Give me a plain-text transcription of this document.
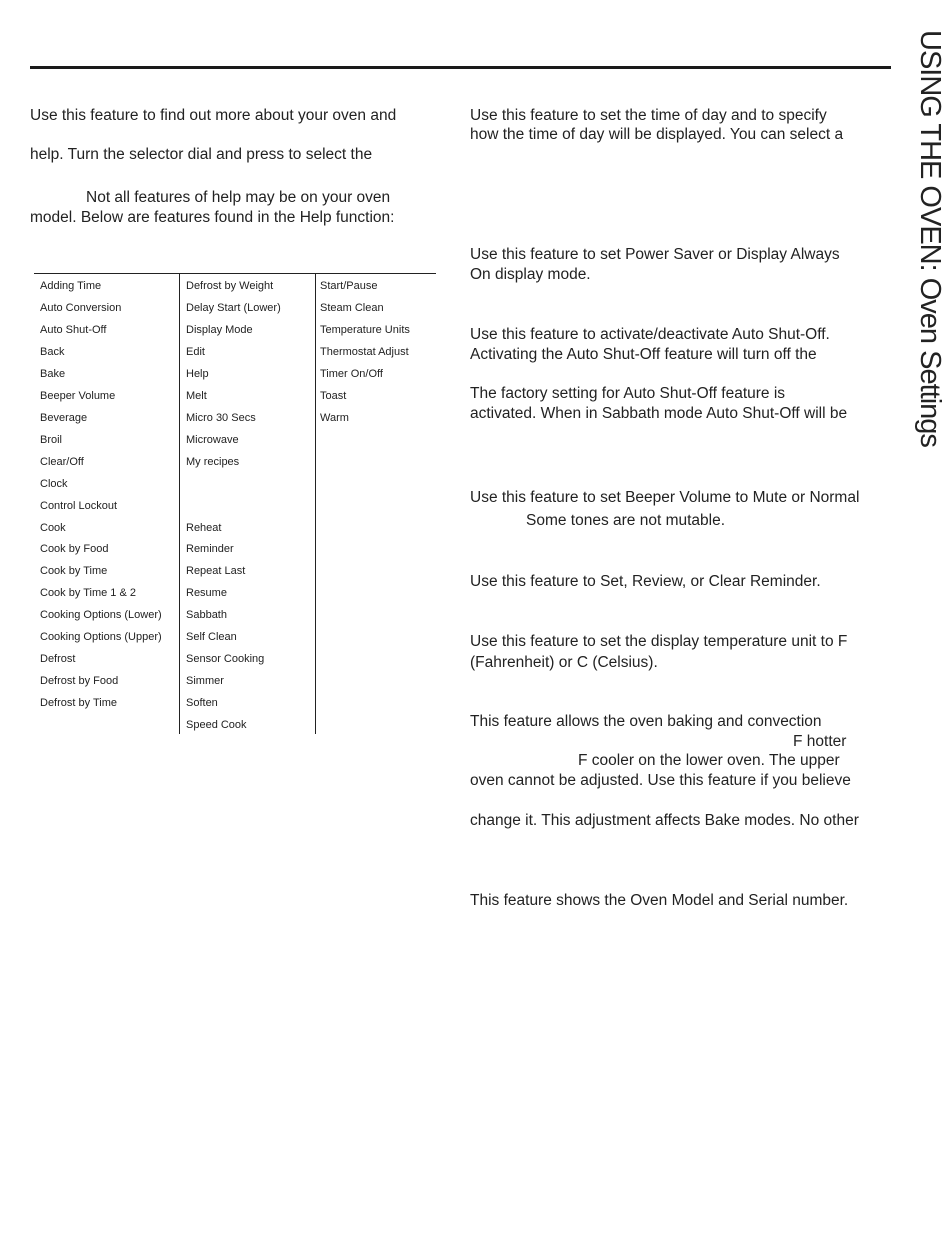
USING THE OVEN: Oven Settings
Use this feature to find out more about your oven and
help. Turn the selector dial and press to select the
Not all features of help may be on your oven
model. Below are features found in the Help function:
Adding Time
Auto Conversion
Auto Shut-Off
Back
Bake
Beeper Volume
Beverage
Broil
Clear/Off
Clock
Control Lockout
Cook
Cook by Food
Cook by Time
Cook by Time 1 & 2
Cooking Options (Lower)
Cooking Options (Upper)
Defrost
Defrost by Food
Defrost by Time
Defrost by Weight
Delay Start (Lower)
Display Mode
Edit
Help
Melt
Micro 30 Secs
Microwave
My recipes
Reheat
Reminder
Repeat Last
Resume
Sabbath
Self Clean
Sensor Cooking
Simmer
Soften
Speed Cook
Start/Pause
Steam Clean
Temperature Units
Thermostat Adjust
Timer On/Off
Toast
Warm
Use this feature to set the time of day and to specify
how the time of day will be displayed. You can select a
Use this feature to set Power Saver or Display Always
On display mode.
Use this feature to activate/deactivate Auto Shut-Off.
Activating the Auto Shut-Off feature will turn off the
The factory setting for Auto Shut-Off feature is
activated. When in Sabbath mode Auto Shut-Off will be
Use this feature to set Beeper Volume to Mute or Normal
Some tones are not mutable.
Use this feature to Set, Review, or Clear Reminder.
Use this feature to set the display temperature unit to F
(Fahrenheit) or C (Celsius).
This feature allows the oven baking and convection
F hotter
F cooler on the lower oven. The upper
oven cannot be adjusted. Use this feature if you believe
change it. This adjustment affects Bake modes. No other
This feature shows the Oven Model and Serial number.
